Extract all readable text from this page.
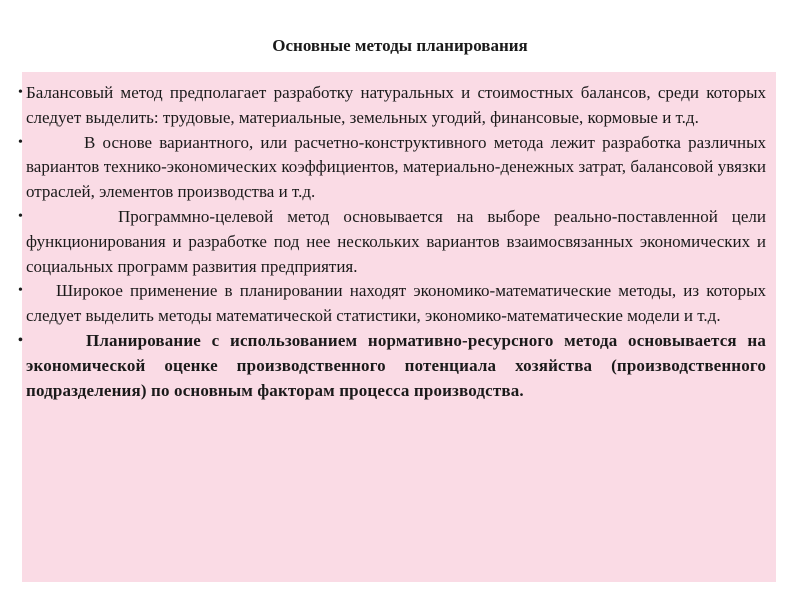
Основные методы планирования
• Балансовый метод предполагает разработку натуральных и стоимостных балансов, среди которых следует выделить: трудовые, материальные, земельных угодий, финансовые, кормовые и т.д.
•	В основе вариантного, или расчетно-конструктивного метода лежит разработка различных вариантов технико-экономических коэффициентов, материально-денежных затрат, балансовой увязки отраслей, элементов производства и т.д.
•	Программно-целевой метод основывается на выборе реально-поставленной цели функционирования и разработке под нее нескольких вариантов взаимосвязанных экономических и социальных программ развития предприятия.
• Широкое применение в планировании находят экономико-математические методы, из которых следует выделить методы математической статистики, экономико-математические модели и т.д.
•	Планирование с использованием нормативно-ресурсного метода основывается на экономической оценке производственного потенциала хозяйства (производственного подразделения) по основным факторам процесса производства.
